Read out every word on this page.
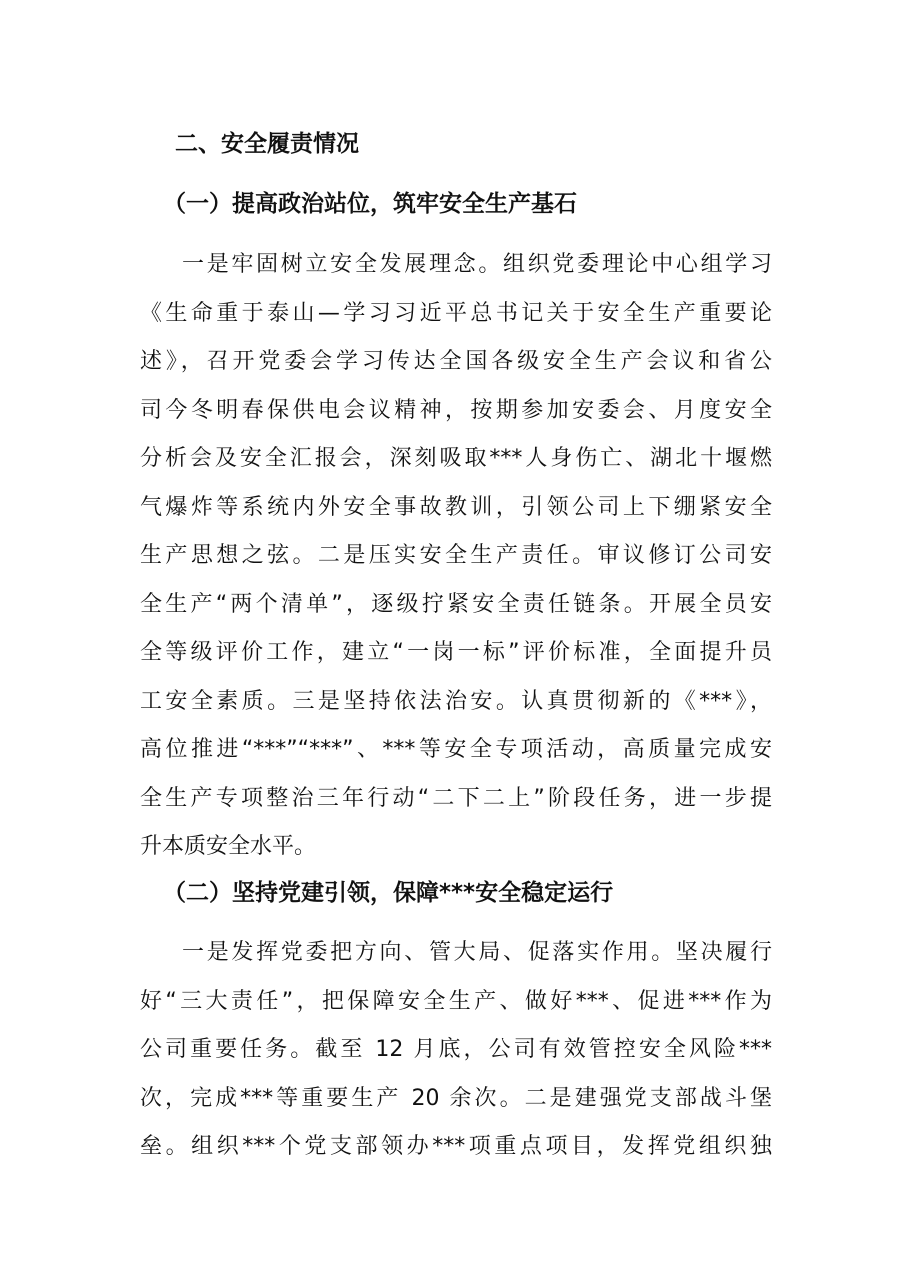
二、安全履责情况
（一）提高政治站位，筑牢安全生产基石
一是牢固树立安全发展理念。组织党委理论中心组学习
《生命重于泰山—学习习近平总书记关于安全生产重要论
述》，召开党委会学习传达全国各级安全生产会议和省公
司今冬明春保供电会议精神，按期参加安委会、月度安全
分析会及安全汇报会，深刻吸取***人身伤亡、湖北十堰燃
气爆炸等系统内外安全事故教训，引领公司上下绷紧安全
生产思想之弦。二是压实安全生产责任。审议修订公司安
全生产“两个清单”，逐级拧紧安全责任链条。开展全员安
全等级评价工作，建立“一岗一标”评价标准，全面提升员
工安全素质。三是坚持依法治安。认真贯彻新的《***》，
高位推进“***”“***”、***等安全专项活动，高质量完成安
全生产专项整治三年行动“二下二上”阶段任务，进一步提
升本质安全水平。
（二）坚持党建引领，保障***安全稳定运行
一是发挥党委把方向、管大局、促落实作用。坚决履行
好“三大责任”，把保障安全生产、做好***、促进***作为
公司重要任务。截至 12 月底，公司有效管控安全风险***
次，完成***等重要生产 20 余次。二是建强党支部战斗堡
垒。组织***个党支部领办***项重点项目，发挥党组织独
